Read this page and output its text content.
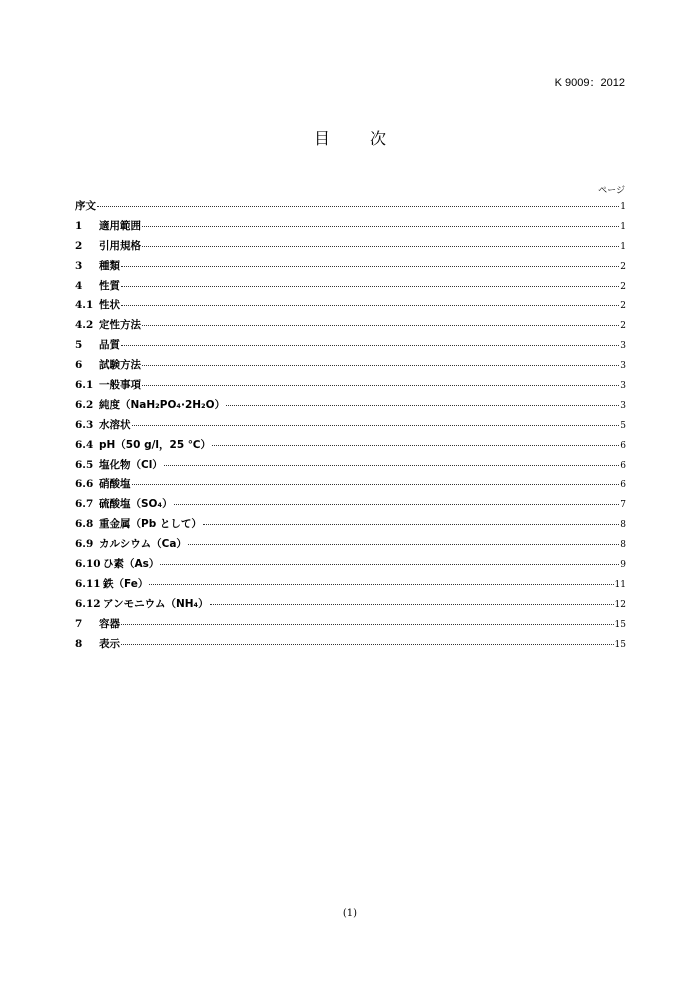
K 9009：2012
目　次
ページ
序文	1
1	適用範囲	1
2	引用規格	1
3	種類	2
4	性質	2
4.1 性状	2
4.2 定性方法	2
5	品質	3
6	試験方法	3
6.1 一般事項	3
6.2 純度（NaH₂PO₄·2H₂O）	3
6.3 水溶状	5
6.4 pH（50 g/l，25 ℃）	6
6.5 塩化物（Cl）	6
6.6 硝酸塩	6
6.7 硫酸塩（SO₄）	7
6.8 重金属（Pb として）	8
6.9 カルシウム（Ca）	8
6.10 ひ素（As）	9
6.11 鉄（Fe）	11
6.12 アンモニウム（NH₄）	12
7	容器	15
8	表示	15
(1)
